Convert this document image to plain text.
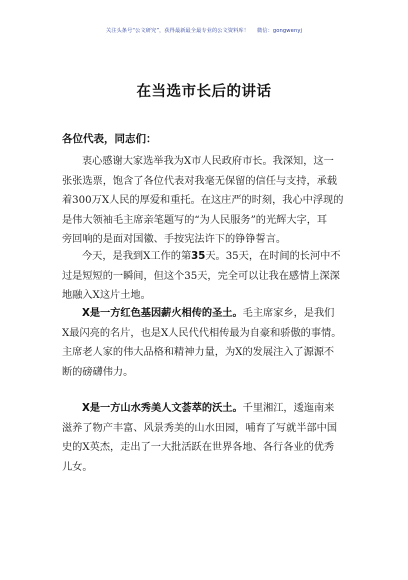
关注头条号“公文研究”，获得最新最全最专业的公文资料库！ 微信：gongwenyj
在当选市长后的讲话
各位代表，同志们：
衷心感谢大家选举我为X市人民政府市长。我深知，这一
张张选票，饱含了各位代表对我毫无保留的信任与支持，承载
着300万X人民的厚爱和重托。在这庄严的时刻，我心中浮现的
是伟大领袖毛主席亲笔题写的“为人民服务”的光辉大字，耳
旁回响的是面对国徽、手按宪法许下的铮铮誓言。
今天，是我到X工作的第35天。35天，在时间的长河中不
过是短短的一瞬间，但这个35天，完全可以让我在感情上深深
地融入X这片土地。
X是一方红色基因薪火相传的圣土。毛主席家乡，是我们
X最闪亮的名片，也是X人民代代相传最为自豪和骄傲的事情。
主席老人家的伟大品格和精神力量，为X的发展注入了源源不
断的磅礴伟力。
X是一方山水秀美人文荟萃的沃土。千里湘江，逶迤南来
滋养了物产丰富、风景秀美的山水田园，哺育了写就半部中国
史的X英杰，走出了一大批活跃在世界各地、各行各业的优秀
儿女。
